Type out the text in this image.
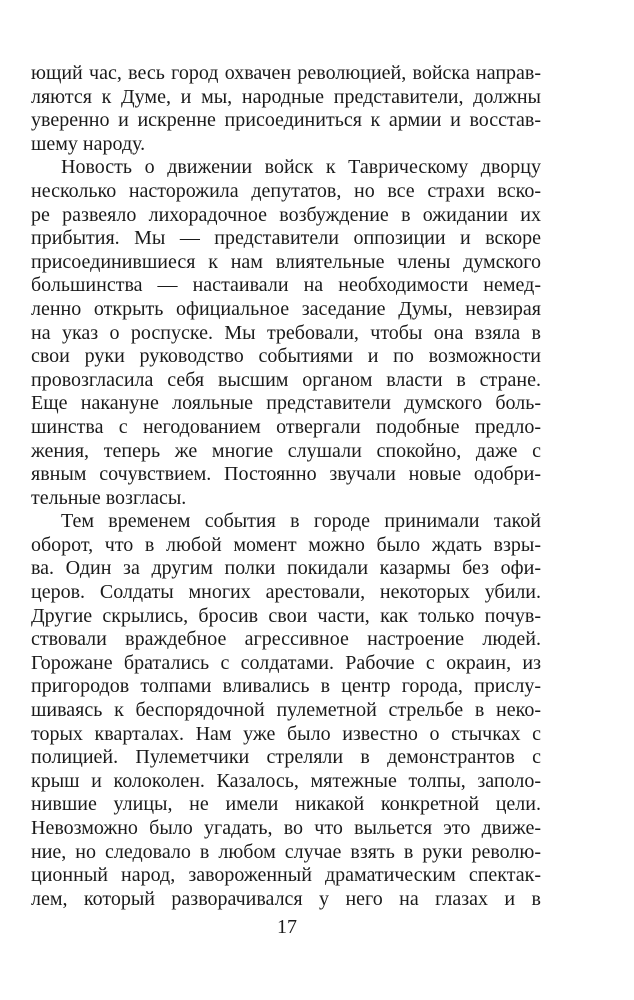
ющий час, весь город охвачен революцией, войска направ-
ляются к Думе, и мы, народные представители, должны
уверенно и искренне присоединиться к армии и восстав-
шему народу.
Новость о движении войск к Таврическому дворцу
несколько насторожила депутатов, но все страхи вско-
ре развеяло лихорадочное возбуждение в ожидании их
прибытия. Мы — представители оппозиции и вскоре
присоединившиеся к нам влиятельные члены думского
большинства — настаивали на необходимости немед-
ленно открыть официальное заседание Думы, невзирая
на указ о роспуске. Мы требовали, чтобы она взяла в
свои руки руководство событиями и по возможности
провозгласила себя высшим органом власти в стране.
Еще накануне лояльные представители думского боль-
шинства с негодованием отвергали подобные предло-
жения, теперь же многие слушали спокойно, даже с
явным сочувствием. Постоянно звучали новые одобри-
тельные возгласы.
Тем временем события в городе принимали такой
оборот, что в любой момент можно было ждать взры-
ва. Один за другим полки покидали казармы без офи-
церов. Солдаты многих арестовали, некоторых убили.
Другие скрылись, бросив свои части, как только почув-
ствовали враждебное агрессивное настроение людей.
Горожане братались с солдатами. Рабочие с окраин, из
пригородов толпами вливались в центр города, прислу-
шиваясь к беспорядочной пулеметной стрельбе в неко-
торых кварталах. Нам уже было известно о стычках с
полицией. Пулеметчики стреляли в демонстрантов с
крыш и колоколен. Казалось, мятежные толпы, заполо-
нившие улицы, не имели никакой конкретной цели.
Невозможно было угадать, во что выльется это движе-
ние, но следовало в любом случае взять в руки револю-
ционный народ, завороженный драматическим спектак-
лем, который разворачивался у него на глазах и в
17
